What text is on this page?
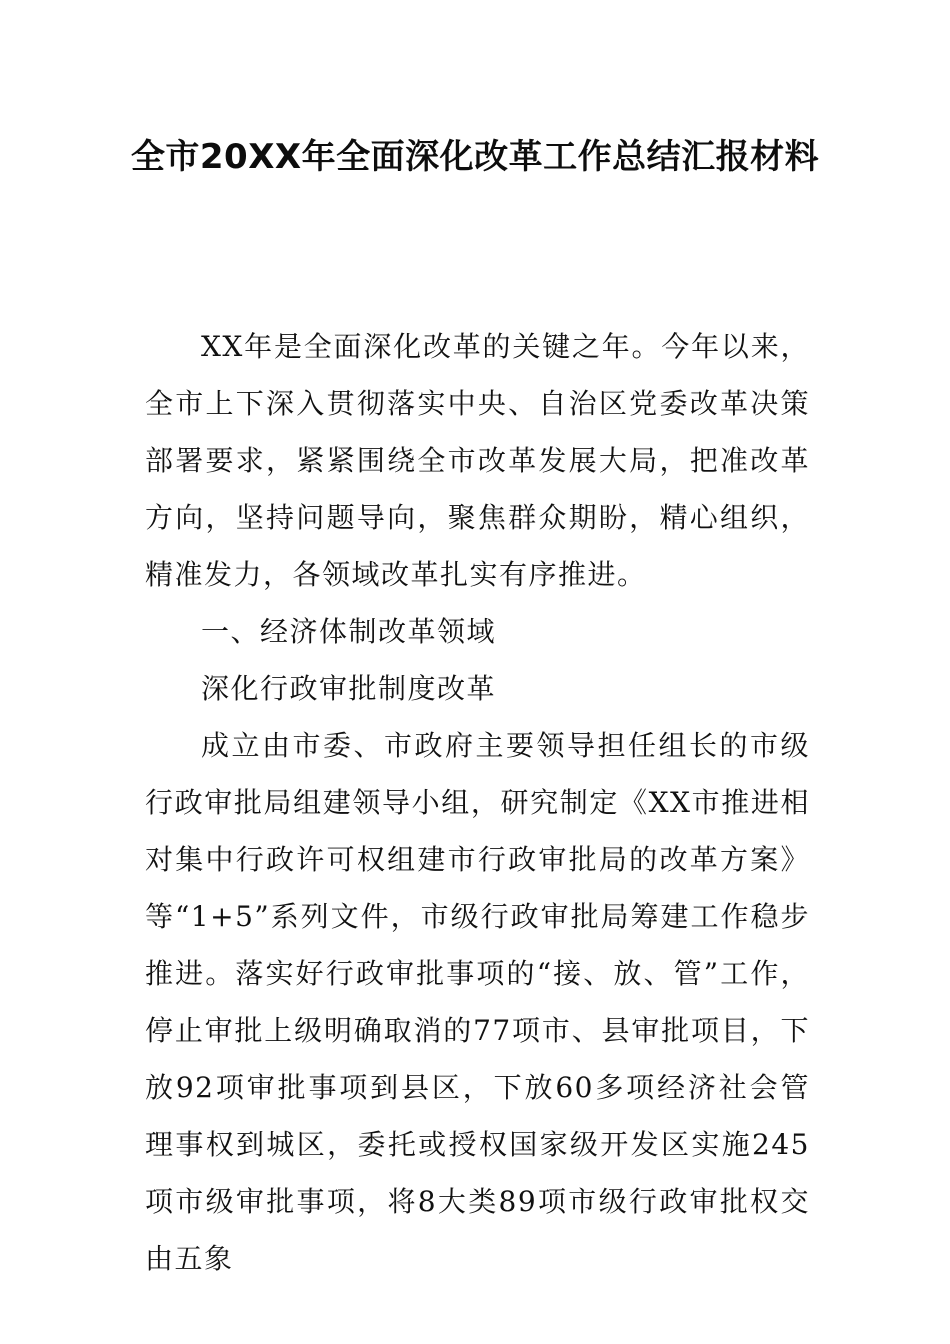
全市20XX年全面深化改革工作总结汇报材料

XX年是全面深化改革的关键之年。今年以来，全市上下深入贯彻落实中央、自治区党委改革决策部署要求，紧紧围绕全市改革发展大局，把准改革方向，坚持问题导向，聚焦群众期盼，精心组织，精准发力，各领域改革扎实有序推进。

一、经济体制改革领域

深化行政审批制度改革

成立由市委、市政府主要领导担任组长的市级行政审批局组建领导小组，研究制定《XX市推进相对集中行政许可权组建市行政审批局的改革方案》等“1+5”系列文件，市级行政审批局筹建工作稳步推进。落实好行政审批事项的“接、放、管”工作，停止审批上级明确取消的77项市、县审批项目，下放92项审批事项到县区，下放60多项经济社会管理事权到城区，委托或授权国家级开发区实施245项市级审批事项，将8大类89项市级行政审批权交由五象
